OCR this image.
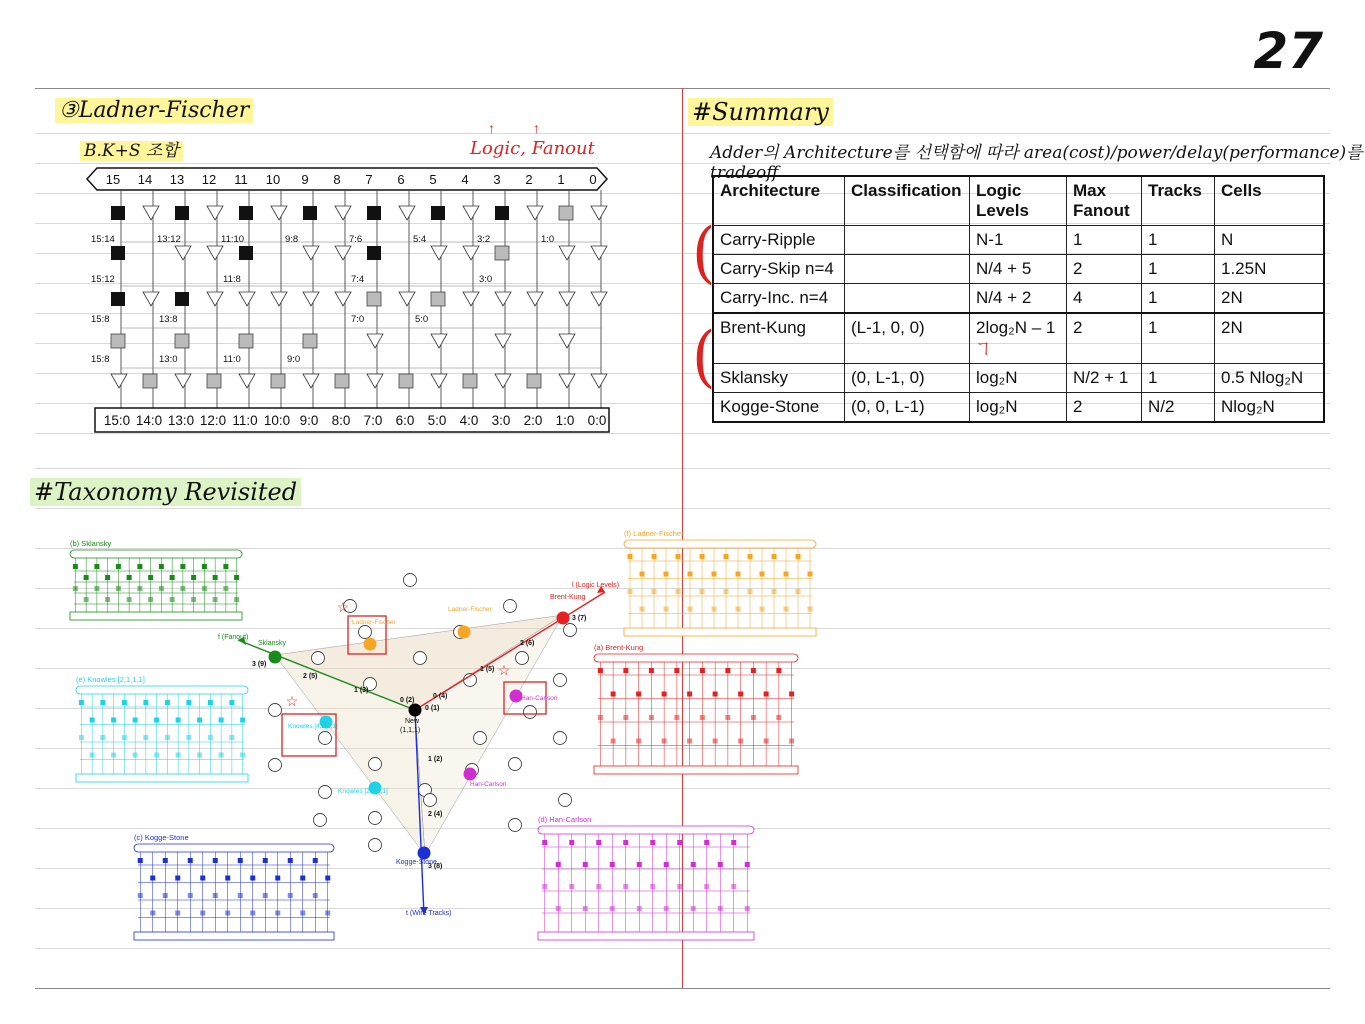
27
③Ladner-Fischer
B.K+S 조합
↑↑
Logic, Fanout
15 14 13 12 11 10 9 8 7 6 5 4 3 2 1 0
15:14	13:12	11:10	9:8	7:6	5:4	3:2	1:0
15:12	11:8	7:4	3:0
15:8	13:8	7:0	5:0
15:8	13:0	11:0	9:0
15:0 14:0 13:0 12:0 11:0 10:0 9:0 8:0 7:0 6:0 5:0 4:0 3:0 2:0 1:0 0:0
#Summary
Adder의 Architecture를 선택함에 따라 area(cost)/power/delay(performance)를 tradeoff
Architecture	Classification	Logic Levels	Max Fanout	Tracks	Cells
Carry-Ripple		N-1	1	1	N
Carry-Skip n=4		N/4 + 5	2	1	1.25N
Carry-Inc. n=4		N/4 + 2	4	1	2N
Brent-Kung	(L-1, 0, 0)	2log₂N – 1 ヿ	2	1	2N
Sklansky	(0, L-1, 0)	log₂N	N/2 + 1	1	0.5 Nlog₂N
Kogge-Stone	(0, 0, L-1)	log₂N	2	N/2	Nlog₂N
(
(
#Taxonomy Revisited
(b) Sklansky
(e) Knowles [2,1,1,1]
(c) Kogge-Stone
(f) Ladner-Fischer
(a) Brent-Kung
(d) Han-Carlson
☆
☆
☆
l (Logic Levels)
f (Fanout)
t (Wire Tracks)
3 (7)
2 (6)
1 (5)
0 (4)
3 (9)
2 (5)
1 (3)
0 (2)
0 (1)
1 (2)
2 (4)
3 (8)
New
(1,1,1)
Brent-Kung
Sklansky
Kogge-Stone
Ladner-Fischer
Ladner-Fischer
Han-Carlson
Han-Carlson
Knowles [4,2,1,1]
Knowles [2,1,1,1]
